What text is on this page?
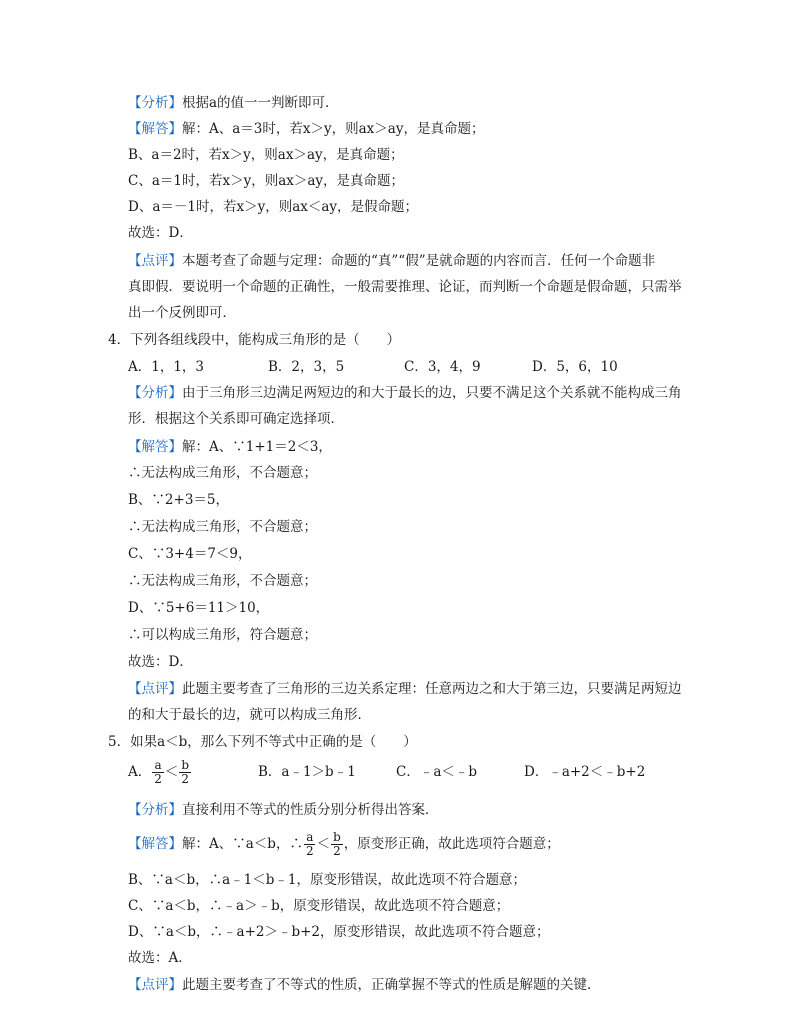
【分析】根据a的值一一判断即可．
【解答】解：A、a＝3时，若x＞y，则ax＞ay，是真命题；
B、a＝2时，若x＞y，则ax＞ay，是真命题；
C、a＝1时，若x＞y，则ax＞ay，是真命题；
D、a＝－1时，若x＞y，则ax＜ay，是假命题；
故选：D．
【点评】本题考查了命题与定理：命题的“真”“假”是就命题的内容而言．任何一个命题非
真即假．要说明一个命题的正确性，一般需要推理、论证，而判断一个命题是假命题，只需举
出一个反例即可．
4．下列各组线段中，能构成三角形的是（　　）
A．1，1，3	B．2，3，5	C．3，4，9	D．5，6，10
【分析】由于三角形三边满足两短边的和大于最长的边，只要不满足这个关系就不能构成三角
形．根据这个关系即可确定选择项．
【解答】解：A、∵1+1＝2＜3，
∴无法构成三角形，不合题意；
B、∵2+3＝5，
∴无法构成三角形，不合题意；
C、∵3+4＝7＜9，
∴无法构成三角形，不合题意；
D、∵5+6＝11＞10，
∴可以构成三角形，符合题意；
故选：D．
【点评】此题主要考查了三角形的三边关系定理：任意两边之和大于第三边，只要满足两短边
的和大于最长的边，就可以构成三角形．
5．如果a＜b，那么下列不等式中正确的是（　　）
A． $\frac{a}{2} < \frac{b}{2}$	B．a﹣1＞b﹣1	C．﹣a＜﹣b	D．﹣a+2＜﹣b+2
【分析】直接利用不等式的性质分别分析得出答案．
【解答】解：A、∵a＜b，∴ $\frac{a}{2} < \frac{b}{2}$ ，原变形正确，故此选项符合题意；
B、∵a＜b，∴a﹣1＜b﹣1，原变形错误，故此选项不符合题意；
C、∵a＜b，∴﹣a＞﹣b，原变形错误，故此选项不符合题意；
D、∵a＜b，∴﹣a+2＞﹣b+2，原变形错误，故此选项不符合题意；
故选：A．
【点评】此题主要考查了不等式的性质，正确掌握不等式的性质是解题的关键．
